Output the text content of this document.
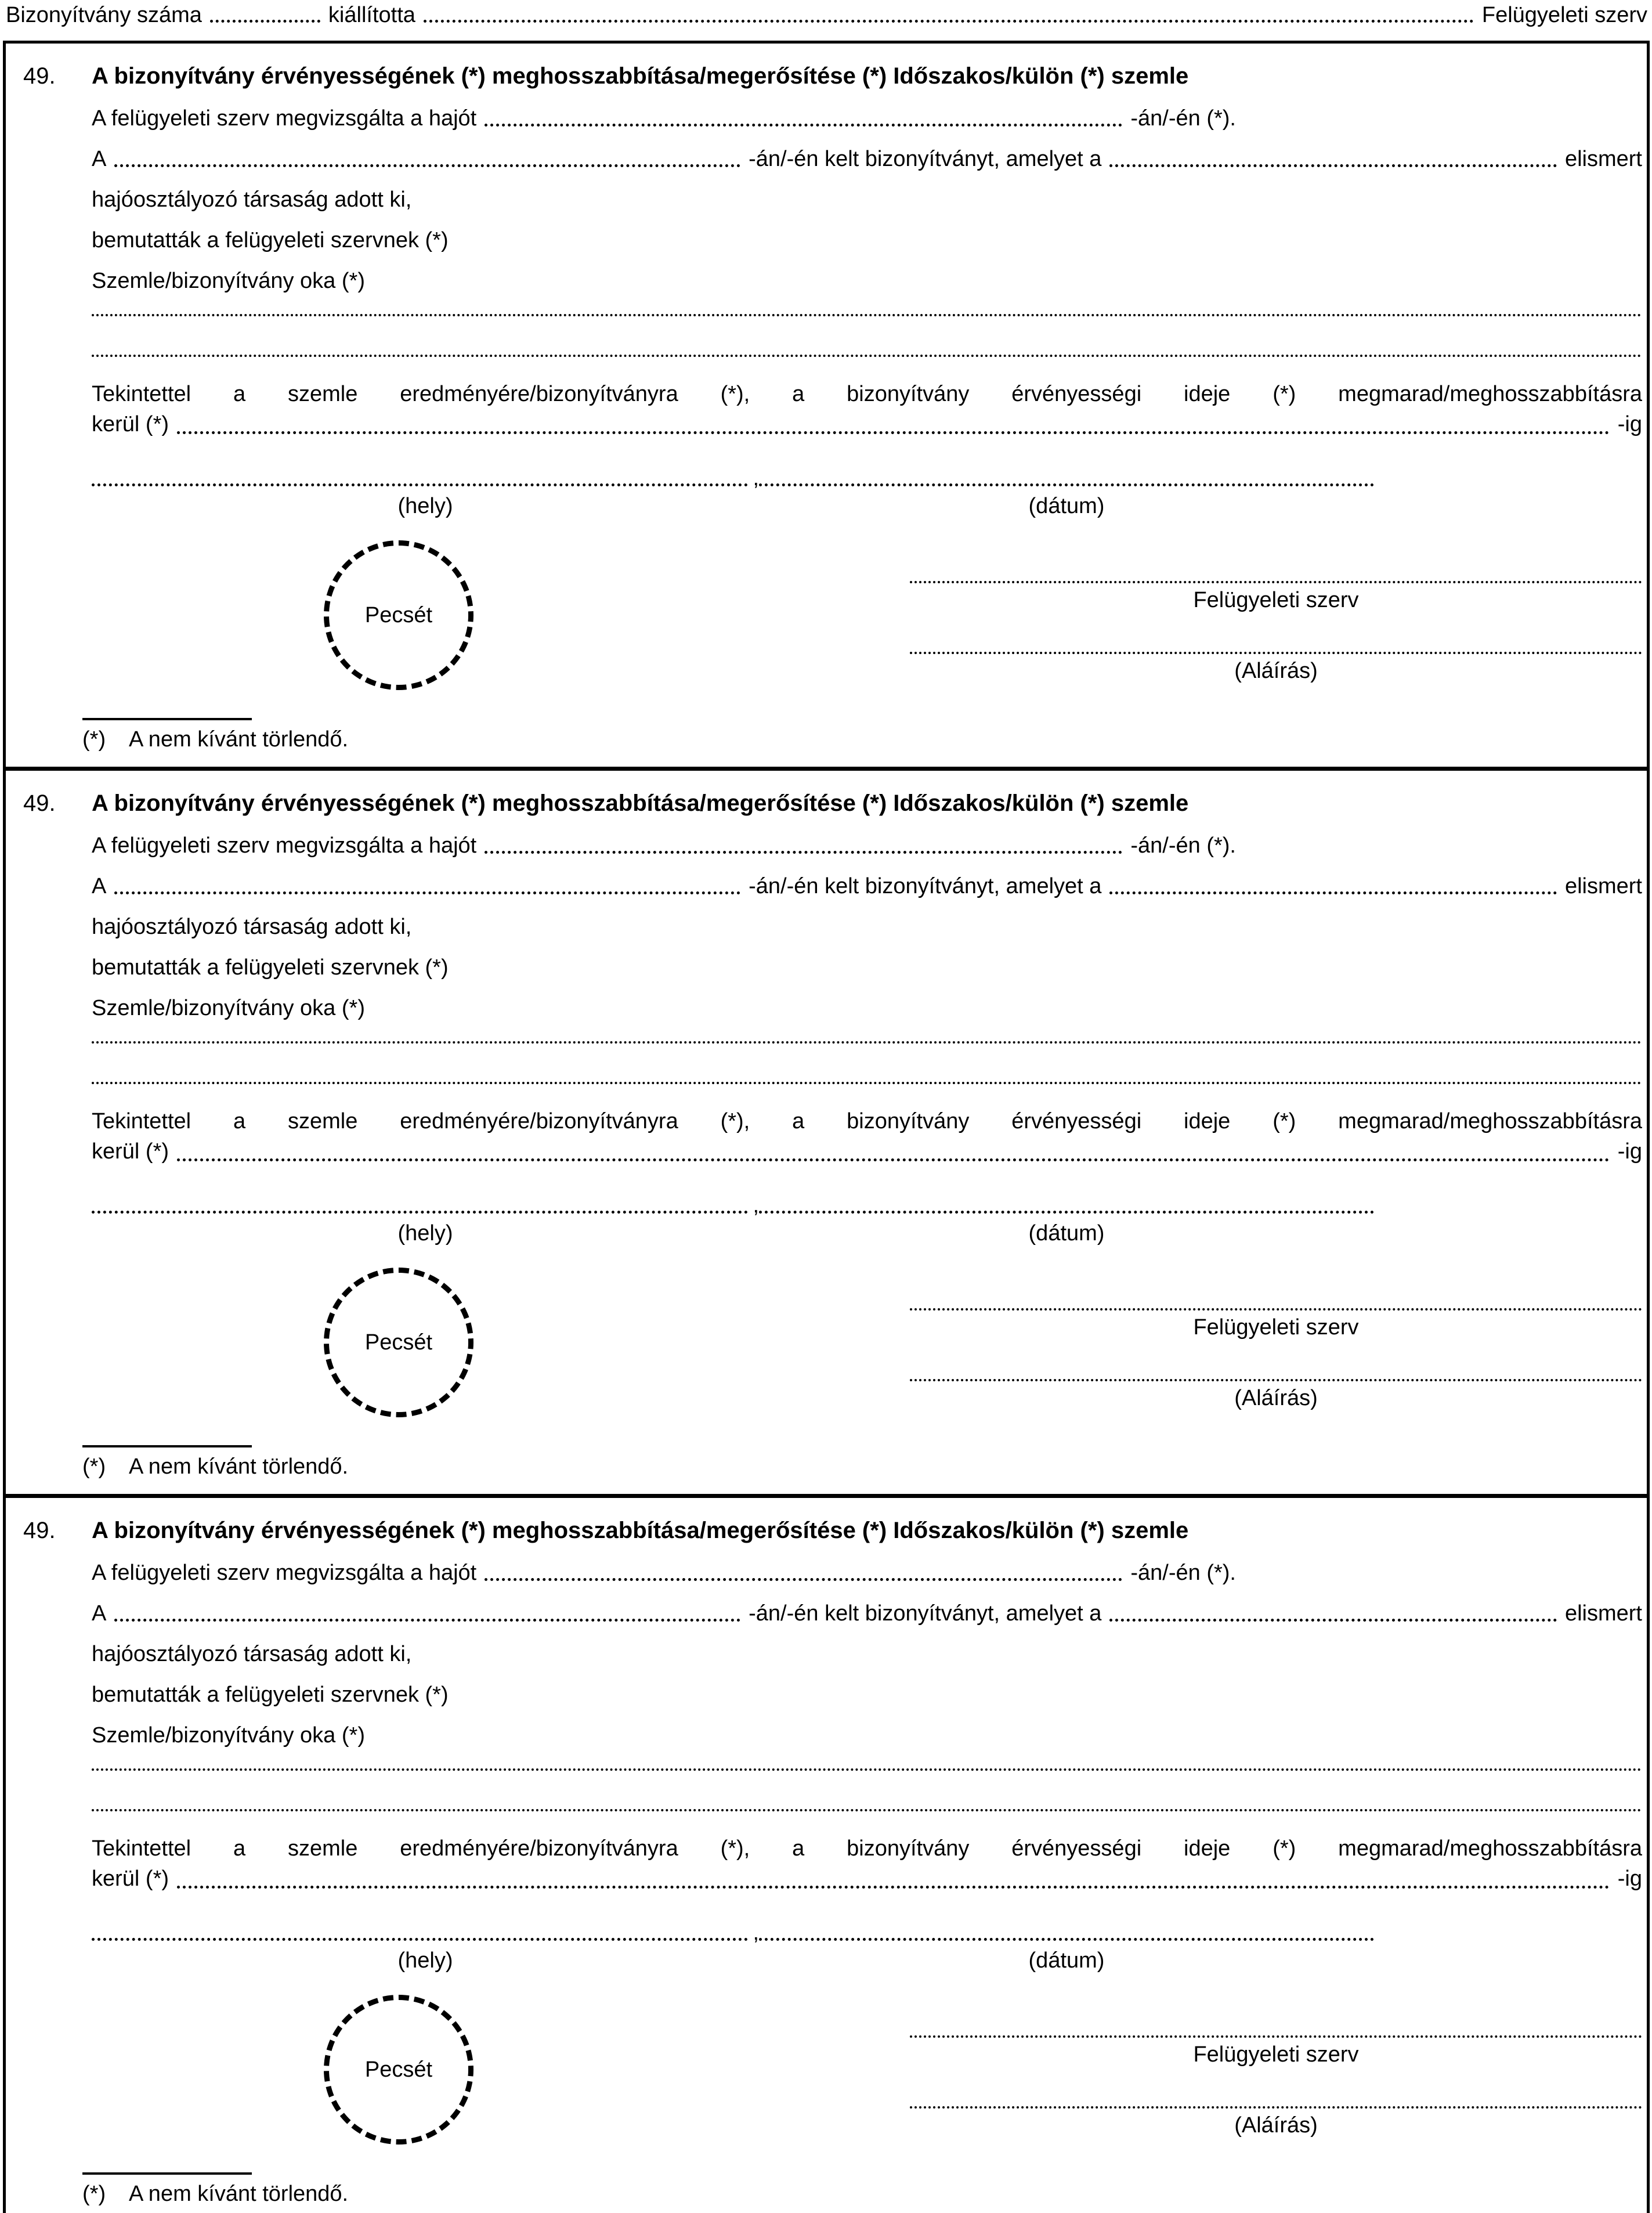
Bizonyítvány száma	kiállította	Felügyeleti szerv
49.	A bizonyítvány érvényességének (*) meghosszabbítása/megerősítése (*) Időszakos/külön (*) szemle
A felügyeleti szerv megvizsgálta a hajót	-án/-én (*).
A	-án/-én kelt bizonyítványt, amelyet a	elismert
hajóosztályozó társaság adott ki,
bemutatták a felügyeleti szervnek (*)
Szemle/bizonyítvány oka (*)

Tekintettel a szemle eredményére/bizonyítványra (*), a bizonyítvány érvényességi ideje (*) megmarad/meghosszabbításra

kerül (*)	-ig
,
(hely)	(dátum)
Pecsét
Felügyeleti szerv
(Aláírás)
(*)	A nem kívánt törlendő.
49.	A bizonyítvány érvényességének (*) meghosszabbítása/megerősítése (*) Időszakos/külön (*) szemle
A felügyeleti szerv megvizsgálta a hajót	-án/-én (*).
A	-án/-én kelt bizonyítványt, amelyet a	elismert
hajóosztályozó társaság adott ki,
bemutatták a felügyeleti szervnek (*)
Szemle/bizonyítvány oka (*)

Tekintettel a szemle eredményére/bizonyítványra (*), a bizonyítvány érvényességi ideje (*) megmarad/meghosszabbításra

kerül (*)	-ig
,
(hely)	(dátum)
Pecsét
Felügyeleti szerv
(Aláírás)
(*)	A nem kívánt törlendő.
49.	A bizonyítvány érvényességének (*) meghosszabbítása/megerősítése (*) Időszakos/külön (*) szemle
A felügyeleti szerv megvizsgálta a hajót	-án/-én (*).
A	-án/-én kelt bizonyítványt, amelyet a	elismert
hajóosztályozó társaság adott ki,
bemutatták a felügyeleti szervnek (*)
Szemle/bizonyítvány oka (*)

Tekintettel a szemle eredményére/bizonyítványra (*), a bizonyítvány érvényességi ideje (*) megmarad/meghosszabbításra

kerül (*)	-ig
,
(hely)	(dátum)
Pecsét
Felügyeleti szerv
(Aláírás)
(*)	A nem kívánt törlendő.
